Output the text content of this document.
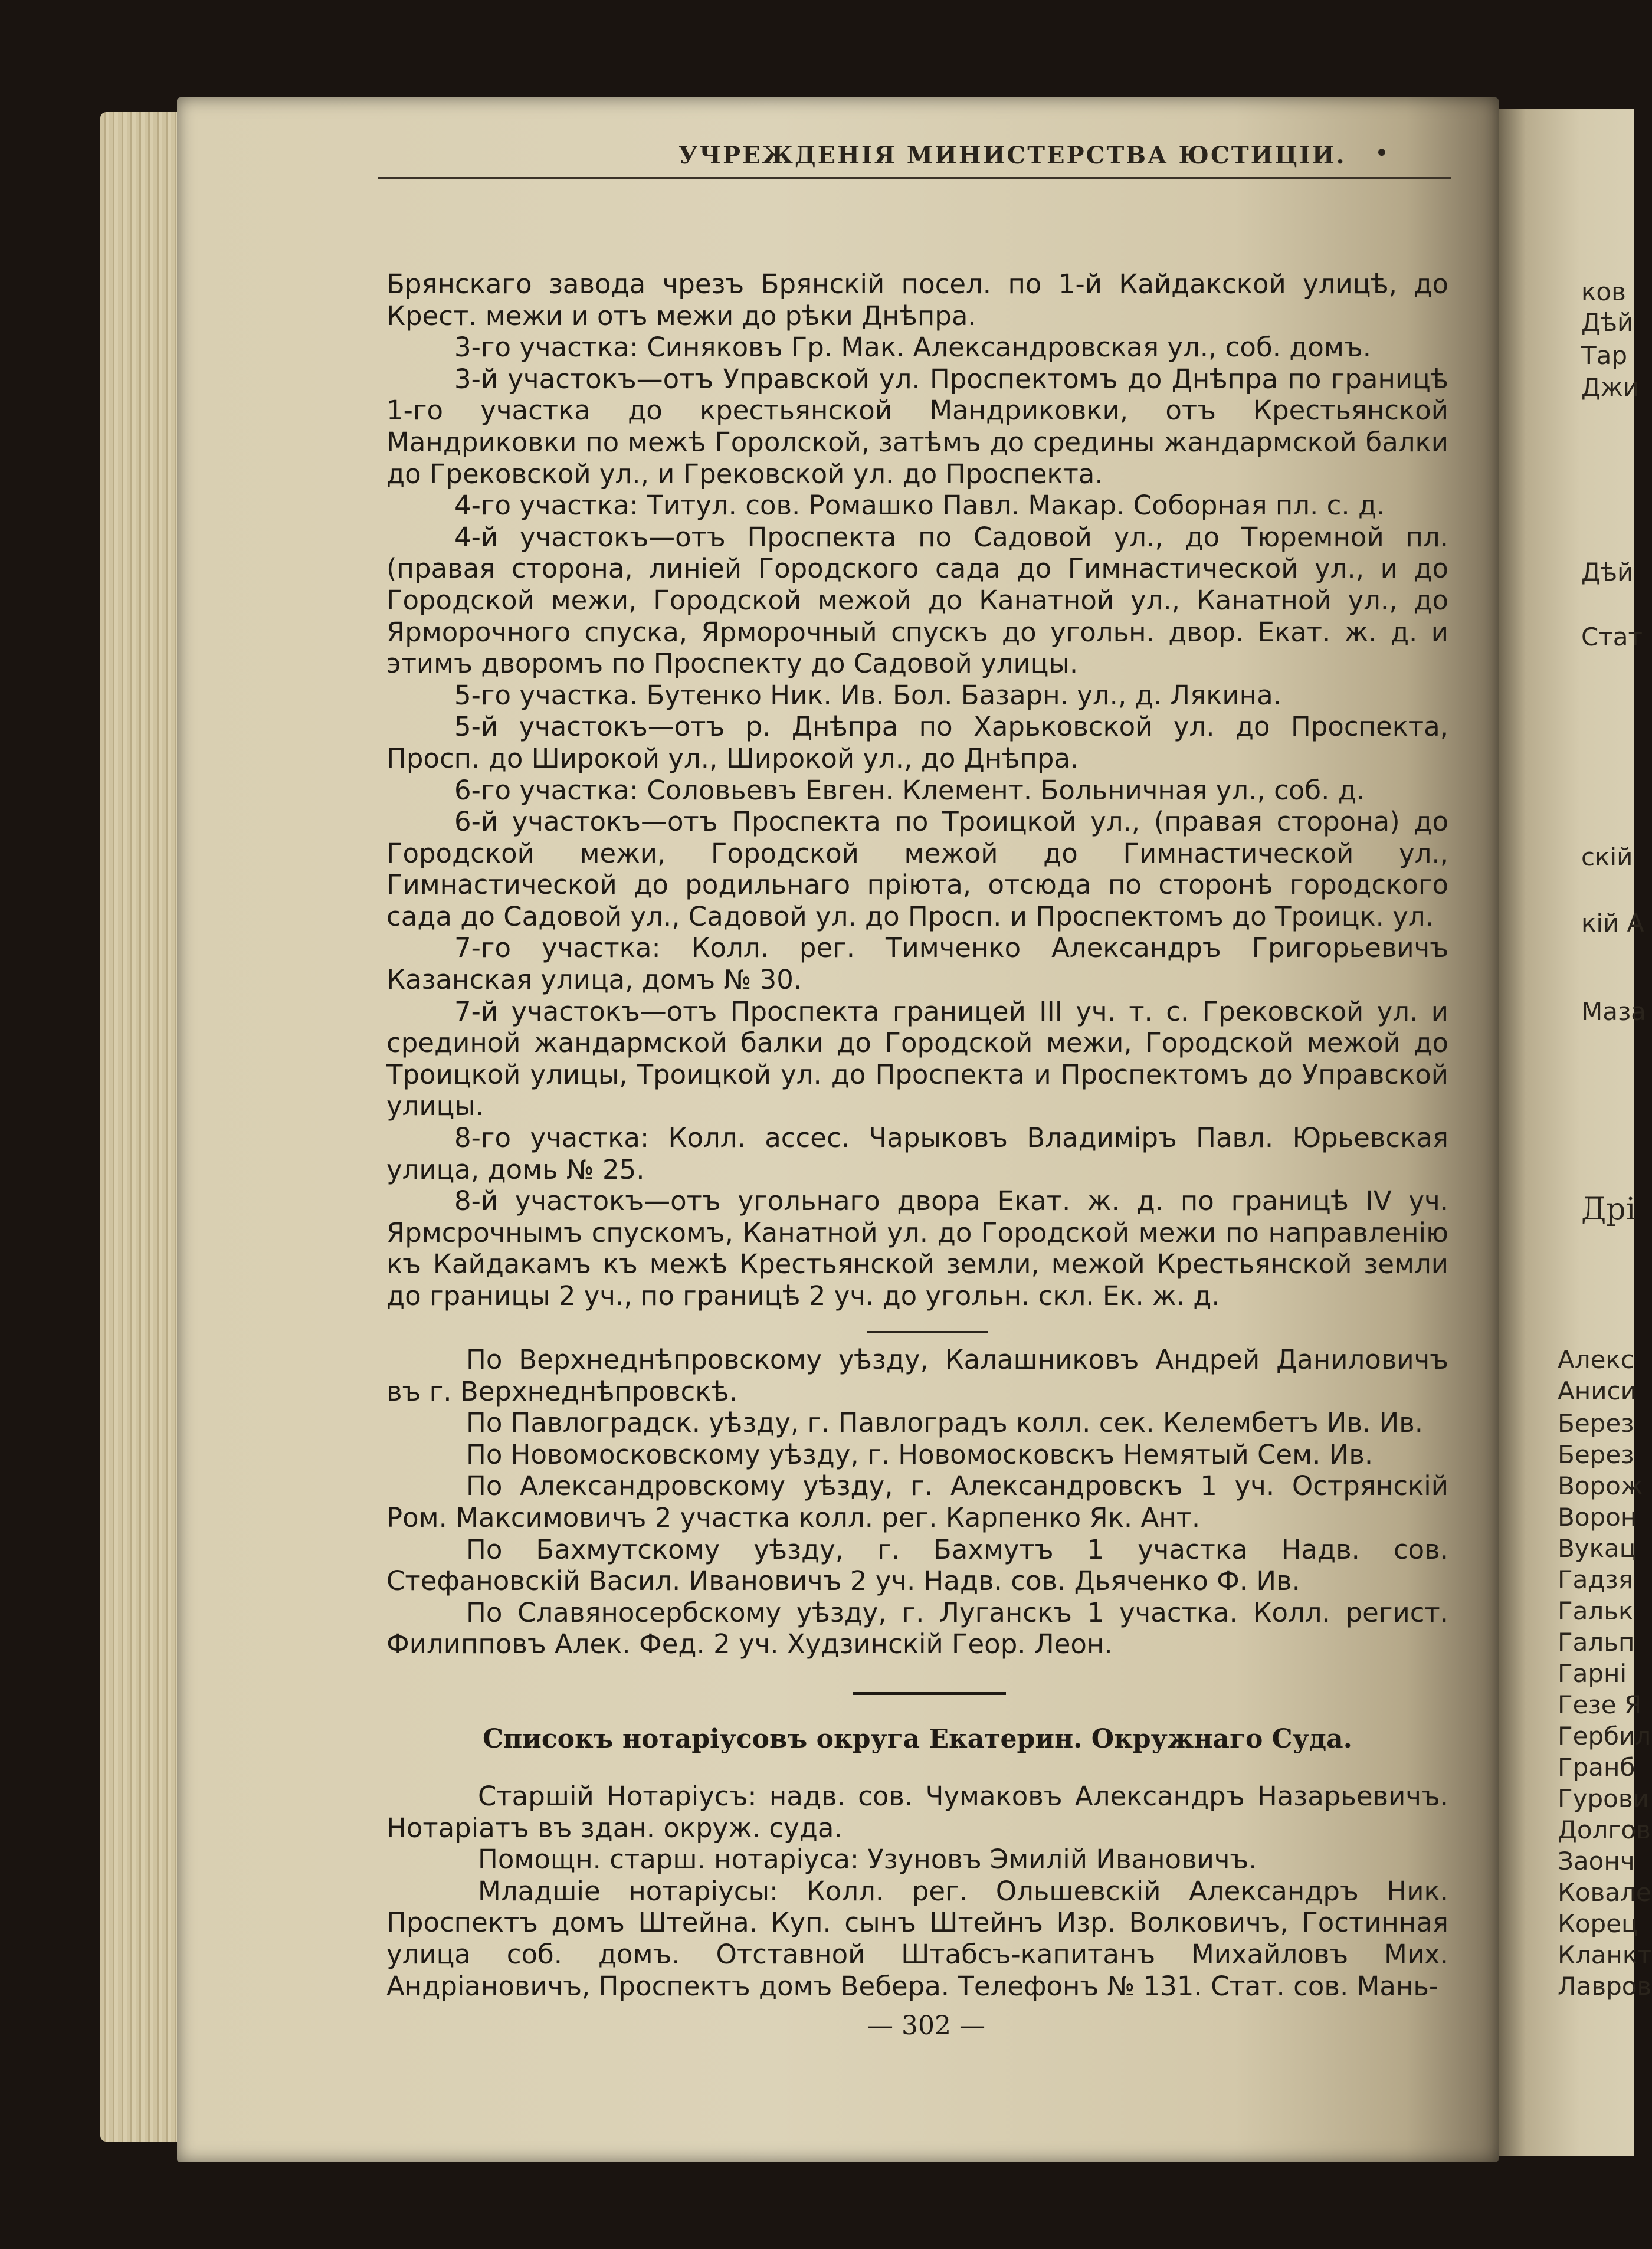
ков
Дѣй
Тар
Джи
Дѣй
Стат
скій
кій А
Маза
Дрі
Алекс
Аниси
Берез
Берез
Ворож
Ворон
Вукац
Гадзя
Гальк
Гальп
Гарні
Гезе Я
Гербил
Гранб
Гурови
Долгов
Заонч
Ковале
Корец
Кланкт
Лавров
УЧРЕЖДЕНІЯ МИНИСТЕРСТВА ЮСТИЦІИ. •

Брянскаго завода чрезъ Брянскій посел. по 1-й Кайдакской улицѣ, до Крест. межи и отъ межи до рѣки Днѣпра.

3-го участка: Синяковъ Гр. Мак. Александровская ул., соб. домъ.

3-й участокъ—отъ Управской ул. Проспектомъ до Днѣпра по границѣ 1-го участка до крестьянской Мандриковки, отъ Крестьянской Мандриковки по межѣ Горолской, затѣмъ до средины жандармской балки до Грековской ул., и Грековской ул. до Проспекта.

4-го участка: Титул. сов. Ромашко Павл. Макар. Соборная пл. с. д.

4-й участокъ—отъ Проспекта по Садовой ул., до Тюремной пл. (правая сторона, линіей Городского сада до Гимнастической ул., и до Городской межи, Городской межой до Канатной ул., Канатной ул., до Ярморочного спуска, Ярморочный спускъ до угольн. двор. Екат. ж. д. и этимъ дворомъ по Проспекту до Садовой улицы.

5-го участка. Бутенко Ник. Ив. Бол. Базарн. ул., д. Лякина.

5-й участокъ—отъ р. Днѣпра по Харьковской ул. до Проспекта, Просп. до Широкой ул., Широкой ул., до Днѣпра.

6-го участка: Соловьевъ Евген. Клемент. Больничная ул., соб. д.

6-й участокъ—отъ Проспекта по Троицкой ул., (правая сторона) до Городской межи, Городской межой до Гимнастической ул., Гимнастической до родильнаго пріюта, отсюда по сторонѣ городского сада до Садовой ул., Садовой ул. до Просп. и Проспектомъ до Троицк. ул.

7-го участка: Колл. рег. Тимченко Александръ Григорьевичъ Казанская улица, домъ № 30.

7-й участокъ—отъ Проспекта границей III уч. т. с. Грековской ул. и срединой жандармской балки до Городской межи, Городской межой до Троицкой улицы, Троицкой ул. до Проспекта и Проспектомъ до Управской улицы.

8-го участка: Колл. ассес. Чарыковъ Владиміръ Павл. Юрьевская улица, домь № 25.

8-й участокъ—отъ угольнаго двора Екат. ж. д. по границѣ IV уч. Ярмсрочнымъ спускомъ, Канатной ул. до Городской межи по направленію къ Кайдакамъ къ межѣ Крестьянской земли, межой Крестьянской земли до границы 2 уч., по границѣ 2 уч. до угольн. скл. Ек. ж. д.

По Верхнеднѣпровскому уѣзду, Калашниковъ Андрей Даниловичъ въ г. Верхнеднѣпровскѣ.

По Павлоградск. уѣзду, г. Павлоградъ колл. сек. Келембетъ Ив. Ив.

По Новомосковскому уѣзду, г. Новомосковскъ Немятый Сем. Ив.

По Александровскому уѣзду, г. Александровскъ 1 уч. Острянскій Ром. Максимовичъ 2 участка колл. рег. Карпенко Як. Ант.

По Бахмутскому уѣзду, г. Бахмутъ 1 участка Надв. сов. Стефановскій Васил. Ивановичъ 2 уч. Надв. сов. Дьяченко Ф. Ив.

По Славяносербскому уѣзду, г. Луганскъ 1 участка. Колл. регист. Филипповъ Алек. Фед. 2 уч. Худзинскій Геор. Леон.

Списокъ нотаріусовъ округа Екатерин. Окружнаго Суда.

Старшій Нотаріусъ: надв. сов. Чумаковъ Александръ Назарьевичъ. Нотаріатъ въ здан. окруж. суда.

Помощн. старш. нотаріуса: Узуновъ Эмилій Ивановичъ.

Младшіе нотаріусы: Колл. рег. Ольшевскій Александръ Ник. Проспектъ домъ Штейна. Куп. сынъ Штейнъ Изр. Волковичъ, Гостинная улица соб. домъ. Отставной Штабсъ-капитанъ Михайловъ Мих. Андріановичъ, Проспектъ домъ Вебера. Телефонъ № 131. Стат. сов. Мань-

— 302 —
